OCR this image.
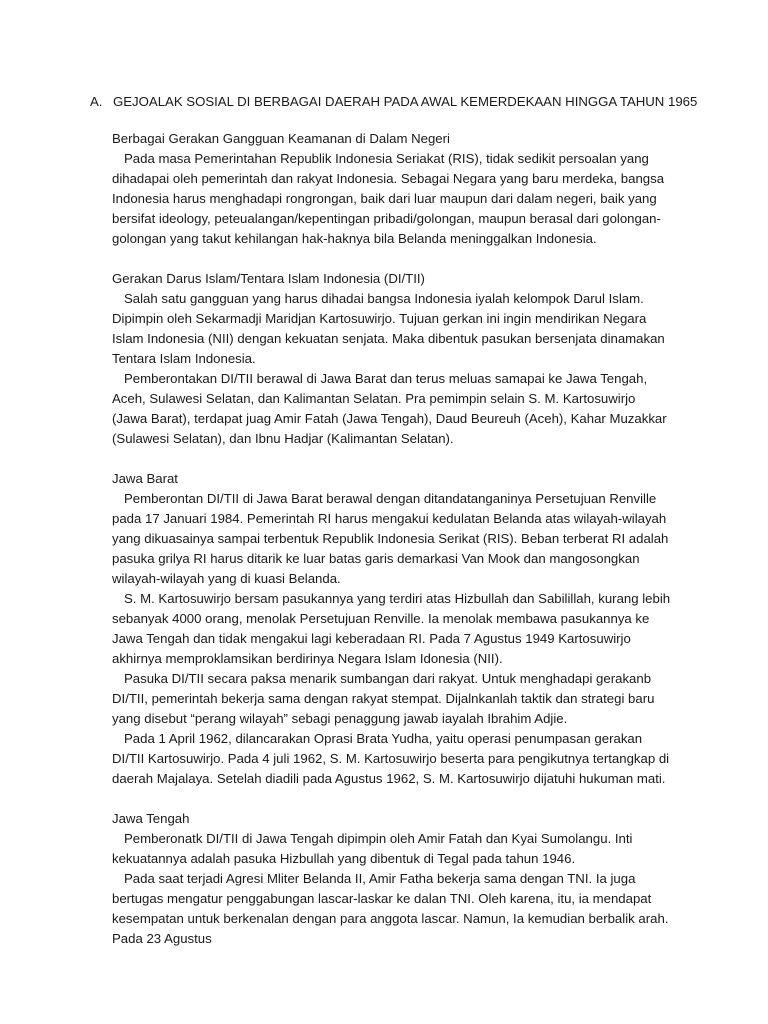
A. GEJOALAK SOSIAL DI BERBAGAI DAERAH PADA AWAL KEMERDEKAAN HINGGA TAHUN 1965

Berbagai Gerakan Gangguan Keamanan di Dalam Negeri

Pada masa Pemerintahan Republik Indonesia Seriakat (RIS), tidak sedikit persoalan yang dihadapai oleh pemerintah dan rakyat Indonesia. Sebagai Negara yang baru merdeka, bangsa Indonesia harus menghadapi rongrongan, baik dari luar maupun dari dalam negeri, baik yang bersifat ideology, peteualangan/kepentingan pribadi/golongan, maupun berasal dari golongan-golongan yang takut kehilangan hak-haknya bila Belanda meninggalkan Indonesia.

Gerakan Darus Islam/Tentara Islam Indonesia (DI/TII)

Salah satu gangguan yang harus dihadai bangsa Indonesia iyalah kelompok Darul Islam. Dipimpin oleh Sekarmadji Maridjan Kartosuwirjo. Tujuan gerkan ini ingin mendirikan Negara Islam Indonesia (NII) dengan kekuatan senjata. Maka dibentuk pasukan bersenjata dinamakan Tentara Islam Indonesia.

Pemberontakan DI/TII berawal di Jawa Barat dan terus meluas samapai ke Jawa Tengah, Aceh, Sulawesi Selatan, dan Kalimantan Selatan. Pra pemimpin selain S. M. Kartosuwirjo (Jawa Barat), terdapat juag Amir Fatah (Jawa Tengah), Daud Beureuh (Aceh), Kahar Muzakkar (Sulawesi Selatan), dan Ibnu Hadjar (Kalimantan Selatan).

Jawa Barat

Pemberontan DI/TII di Jawa Barat berawal dengan ditandatanganinya Persetujuan Renville pada 17 Januari 1984. Pemerintah RI harus mengakui kedulatan Belanda atas wilayah-wilayah yang dikuasainya sampai terbentuk Republik Indonesia Serikat (RIS). Beban terberat RI adalah pasuka grilya RI harus ditarik ke luar batas garis demarkasi Van Mook dan mangosongkan wilayah-wilayah yang di kuasi Belanda.

S. M. Kartosuwirjo bersam pasukannya yang terdiri atas Hizbullah dan Sabilillah, kurang lebih sebanyak 4000 orang, menolak Persetujuan Renville. Ia menolak membawa pasukannya ke Jawa Tengah dan tidak mengakui lagi keberadaan RI. Pada 7 Agustus 1949 Kartosuwirjo akhirnya memproklamsikan berdirinya Negara Islam Idonesia (NII).

Pasuka DI/TII secara paksa menarik sumbangan dari rakyat. Untuk menghadapi gerakanb DI/TII, pemerintah bekerja sama dengan rakyat stempat. Dijalnkanlah taktik dan strategi baru yang disebut “perang wilayah” sebagi penaggung jawab iayalah Ibrahim Adjie.

Pada 1 April 1962, dilancarakan Oprasi Brata Yudha, yaitu operasi penumpasan gerakan DI/TII Kartosuwirjo. Pada 4 juli 1962, S. M. Kartosuwirjo beserta para pengikutnya tertangkap di daerah Majalaya. Setelah diadili pada Agustus 1962, S. M. Kartosuwirjo dijatuhi hukuman mati.

Jawa Tengah

Pemberonatk DI/TII di Jawa Tengah dipimpin oleh Amir Fatah dan Kyai Sumolangu. Inti kekuatannya adalah pasuka Hizbullah yang dibentuk di Tegal pada tahun 1946.

Pada saat terjadi Agresi Mliter Belanda II, Amir Fatha bekerja sama dengan TNI. Ia juga bertugas mengatur penggabungan lascar-laskar ke dalan TNI. Oleh karena, itu, ia mendapat kesempatan untuk berkenalan dengan para anggota lascar. Namun, Ia kemudian berbalik arah. Pada 23 Agustus
